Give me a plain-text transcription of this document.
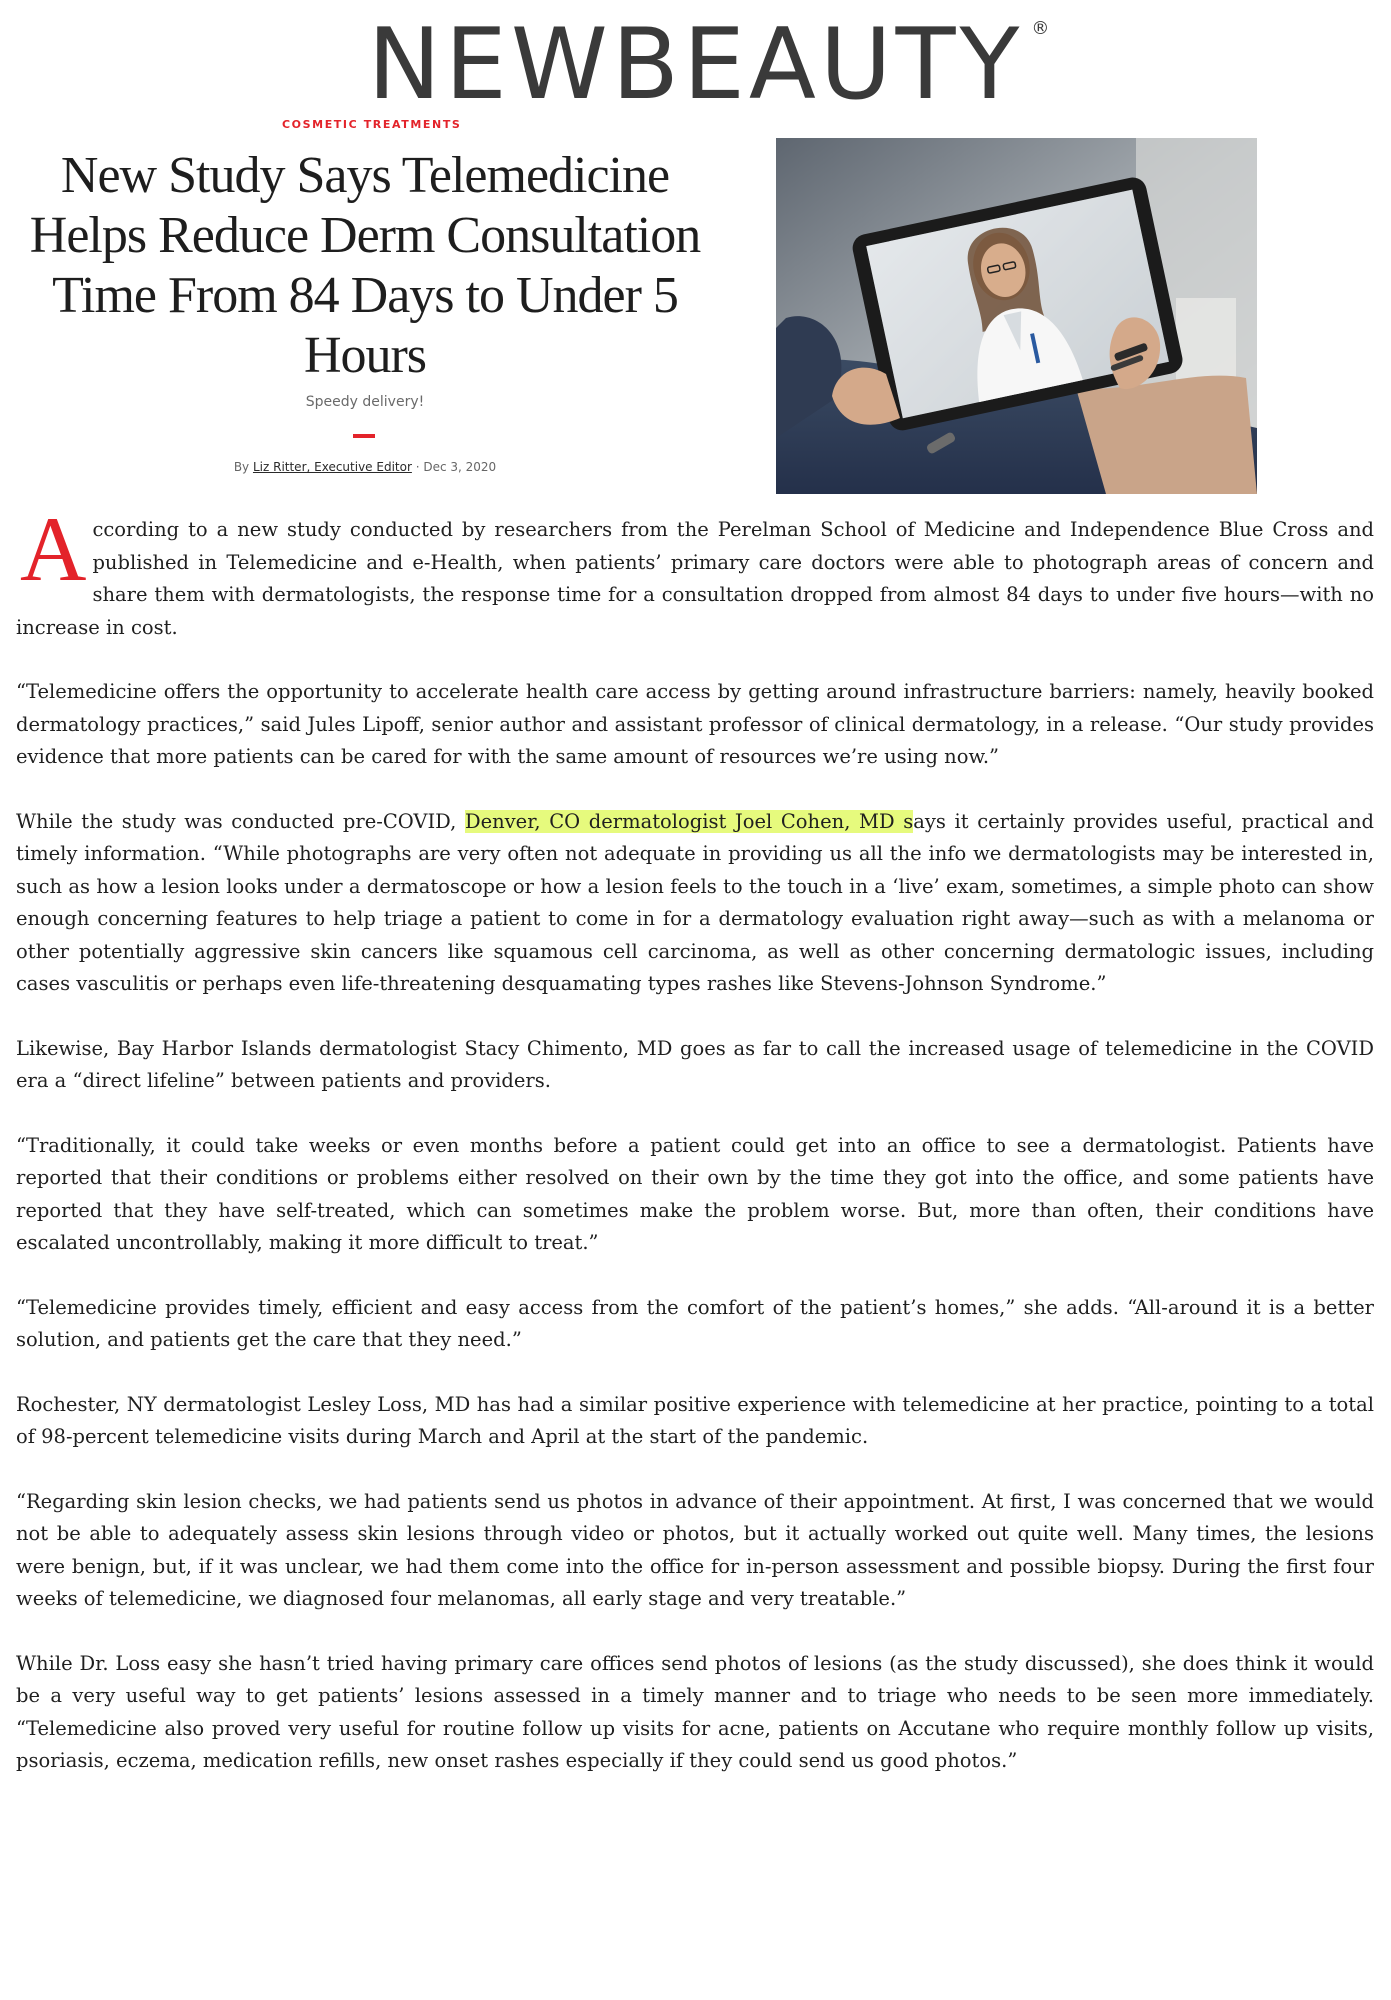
NEWBEAUTY ®
COSMETIC TREATMENTS
New Study Says Telemedicine Helps Reduce Derm Consultation Time From 84 Days to Under 5 Hours
Speedy delivery!
By Liz Ritter, Executive Editor · Dec 3, 2020

According to a new study conducted by researchers from the Perelman School of Medicine and Independence Blue Cross and published in Telemedicine and e-Health, when patients’ primary care doctors were able to photograph areas of concern and share them with dermatologists, the response time for a consultation dropped from almost 84 days to under five hours—with no increase in cost.

“Telemedicine offers the opportunity to accelerate health care access by getting around infrastructure barriers: namely, heavily booked dermatology practices,” said Jules Lipoff, senior author and assistant professor of clinical dermatology, in a release. “Our study provides evidence that more patients can be cared for with the same amount of resources we’re using now.”

While the study was conducted pre-COVID, Denver, CO dermatologist Joel Cohen, MD says it certainly provides useful, practical and timely information. “While photographs are very often not adequate in providing us all the info we dermatologists may be interested in, such as how a lesion looks under a dermatoscope or how a lesion feels to the touch in a ‘live’ exam, sometimes, a simple photo can show enough concerning features to help triage a patient to come in for a dermatology evaluation right away—such as with a melanoma or other potentially aggressive skin cancers like squamous cell carcinoma, as well as other concerning dermatologic issues, including cases vasculitis or perhaps even life-threatening desquamating types rashes like Stevens-Johnson Syndrome.”

Likewise, Bay Harbor Islands dermatologist Stacy Chimento, MD goes as far to call the increased usage of telemedicine in the COVID era a “direct lifeline” between patients and providers.

“Traditionally, it could take weeks or even months before a patient could get into an office to see a dermatologist. Patients have reported that their conditions or problems either resolved on their own by the time they got into the office, and some patients have reported that they have self-treated, which can sometimes make the problem worse. But, more than often, their conditions have escalated uncontrollably, making it more difficult to treat.”

“Telemedicine provides timely, efficient and easy access from the comfort of the patient’s homes,” she adds. “All-around it is a better solution, and patients get the care that they need.”

Rochester, NY dermatologist Lesley Loss, MD has had a similar positive experience with telemedicine at her practice, pointing to a total of 98-percent telemedicine visits during March and April at the start of the pandemic.

“Regarding skin lesion checks, we had patients send us photos in advance of their appointment. At first, I was concerned that we would not be able to adequately assess skin lesions through video or photos, but it actually worked out quite well. Many times, the lesions were benign, but, if it was unclear, we had them come into the office for in-person assessment and possible biopsy. During the first four weeks of telemedicine, we diagnosed four melanomas, all early stage and very treatable.”

While Dr. Loss easy she hasn’t tried having primary care offices send photos of lesions (as the study discussed), she does think it would be a very useful way to get patients’ lesions assessed in a timely manner and to triage who needs to be seen more immediately. “Telemedicine also proved very useful for routine follow up visits for acne, patients on Accutane who require monthly follow up visits, psoriasis, eczema, medication refills, new onset rashes especially if they could send us good photos.”
